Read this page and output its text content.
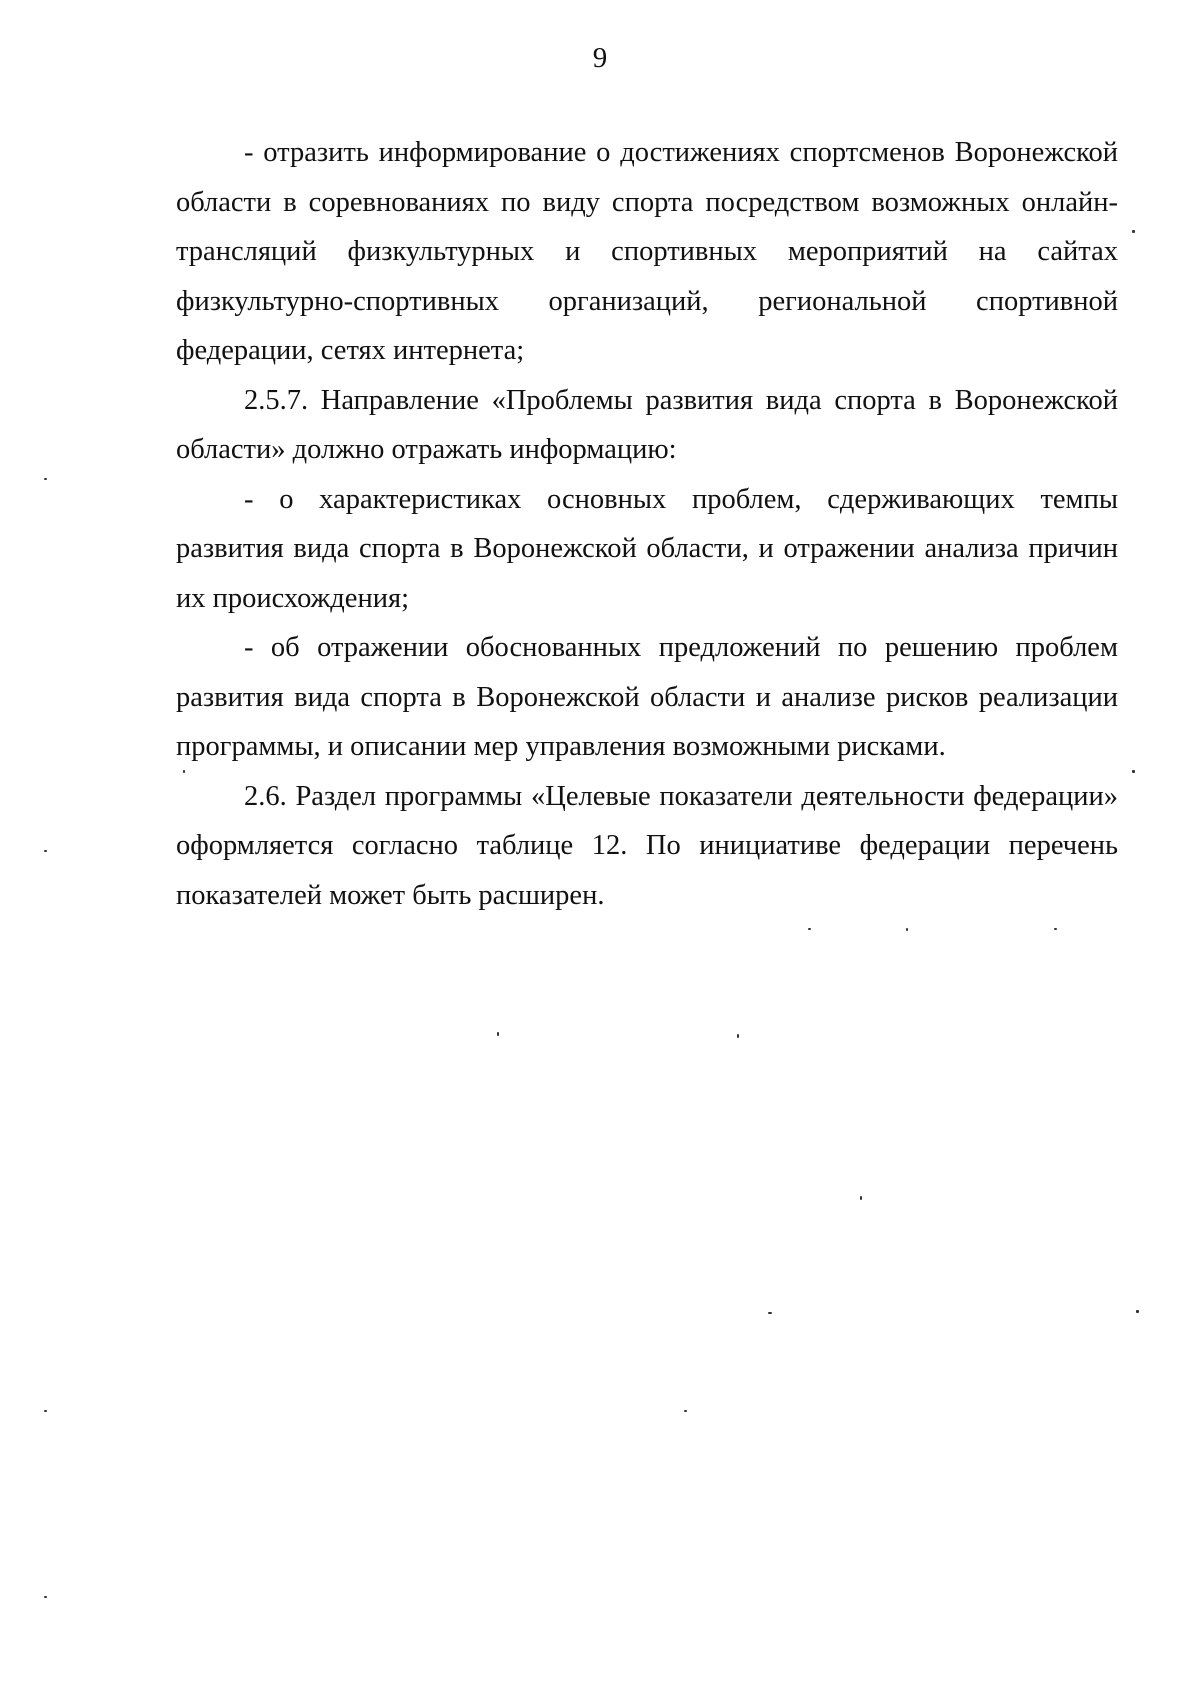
9

- отразить информирование о достижениях спортсменов Воронежской области в соревнованиях по виду спорта посредством возможных онлайн-трансляций физкультурных и спортивных мероприятий на сайтах физкультурно-спортивных организаций, региональной спортивной федерации, сетях интернета;

2.5.7. Направление «Проблемы развития вида спорта в Воронежской области» должно отражать информацию:

- о характеристиках основных проблем, сдерживающих темпы развития вида спорта в Воронежской области, и отражении анализа причин их происхождения;

- об отражении обоснованных предложений по решению проблем развития вида спорта в Воронежской области и анализе рисков реализации программы, и описании мер управления возможными рисками.

2.6. Раздел программы «Целевые показатели деятельности федерации» оформляется согласно таблице 12. По инициативе федерации перечень показателей может быть расширен.
